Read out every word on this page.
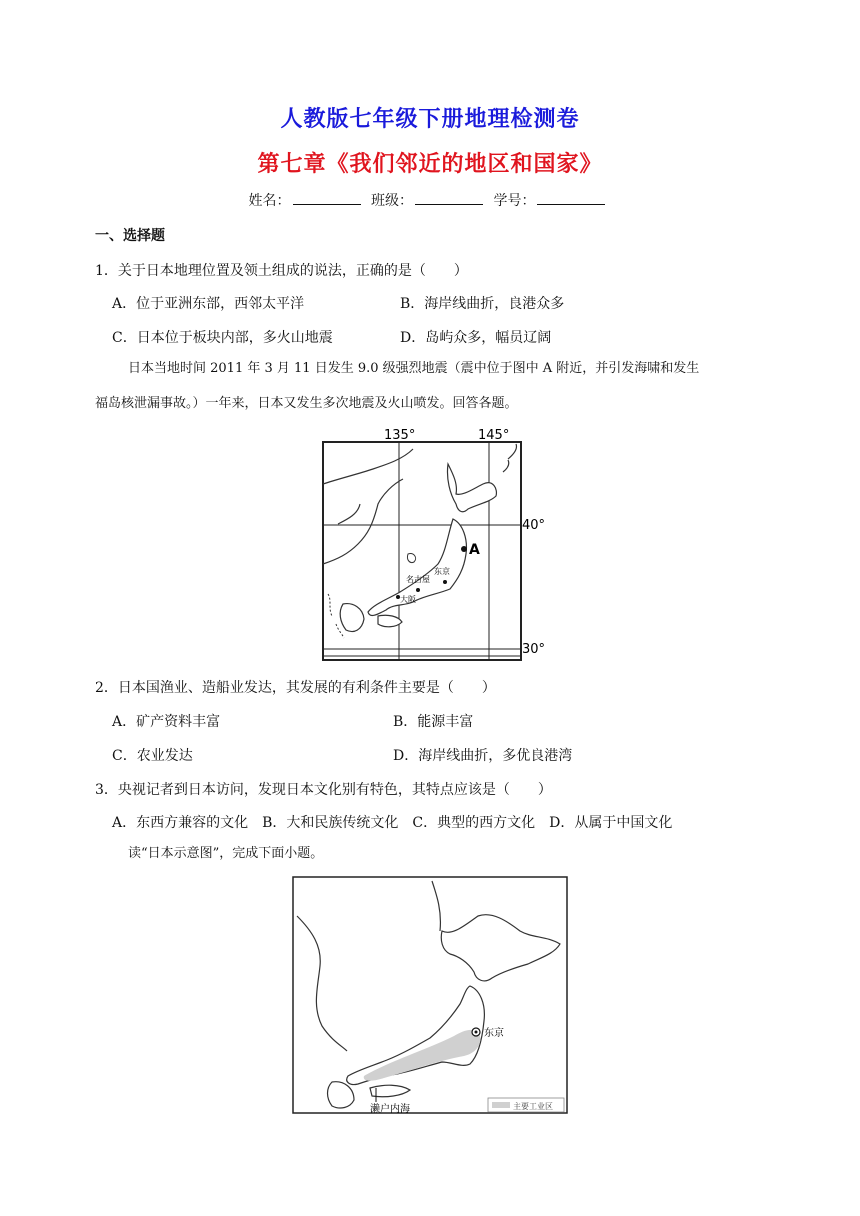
人教版七年级下册地理检测卷
第七章《我们邻近的地区和国家》
姓名：	班级：	学号：
一、选择题
1．关于日本地理位置及领土组成的说法，正确的是（　　）
A．位于亚洲东部，西邻太平洋	B．海岸线曲折，良港众多
C．日本位于板块内部，多火山地震	D．岛屿众多，幅员辽阔
日本当地时间 2011 年 3 月 11 日发生 9.0 级强烈地震（震中位于图中 A 附近，并引发海啸和发生
福岛核泄漏事故。）一年来，日本又发生多次地震及火山喷发。回答各题。
135°	145°
40°
30°
A
东京
名古屋
大阪
2．日本国渔业、造船业发达，其发展的有利条件主要是（　　）
A．矿产资料丰富	B．能源丰富
C．农业发达	D．海岸线曲折，多优良港湾
3．央视记者到日本访问，发现日本文化别有特色，其特点应该是（　　）
A．东西方兼容的文化　B．大和民族传统文化　C．典型的西方文化　D．从属于中国文化
读“日本示意图”，完成下面小题。
东京
濑户内海	主要工业区
